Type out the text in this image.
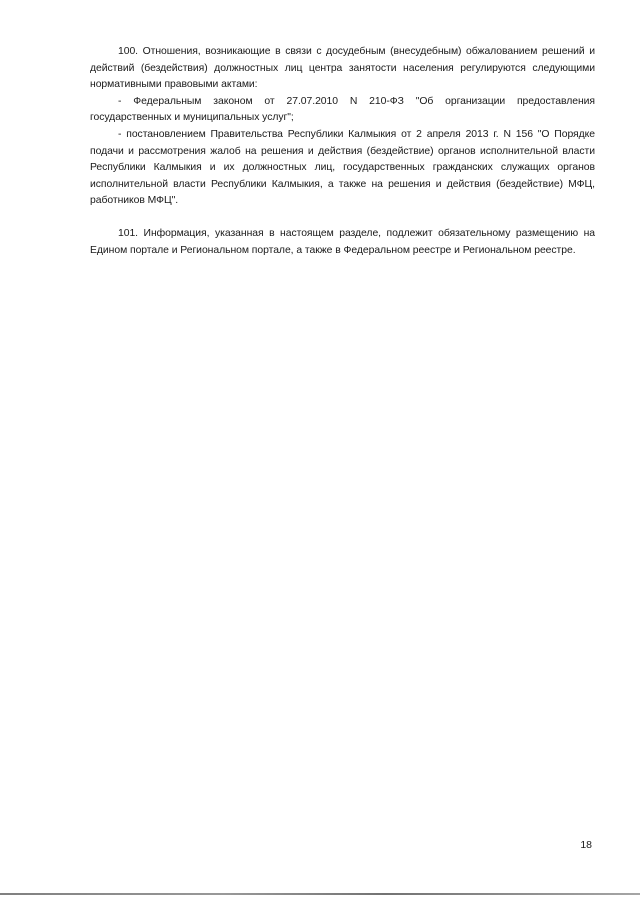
100. Отношения, возникающие в связи с досудебным (внесудебным) обжалованием решений и действий (бездействия) должностных лиц центра занятости населения регулируются следующими нормативными правовыми актами:

- Федеральным законом от 27.07.2010 N 210-ФЗ "Об организации предоставления государственных и муниципальных услуг";

- постановлением Правительства Республики Калмыкия от 2 апреля 2013 г. N 156 "О Порядке подачи и рассмотрения жалоб на решения и действия (бездействие) органов исполнительной власти Республики Калмыкия и их должностных лиц, государственных гражданских служащих органов исполнительной власти Республики Калмыкия, а также на решения и действия (бездействие) МФЦ, работников МФЦ".

101. Информация, указанная в настоящем разделе, подлежит обязательному размещению на Едином портале и Региональном портале, а также в Федеральном реестре и Региональном реестре.

18
